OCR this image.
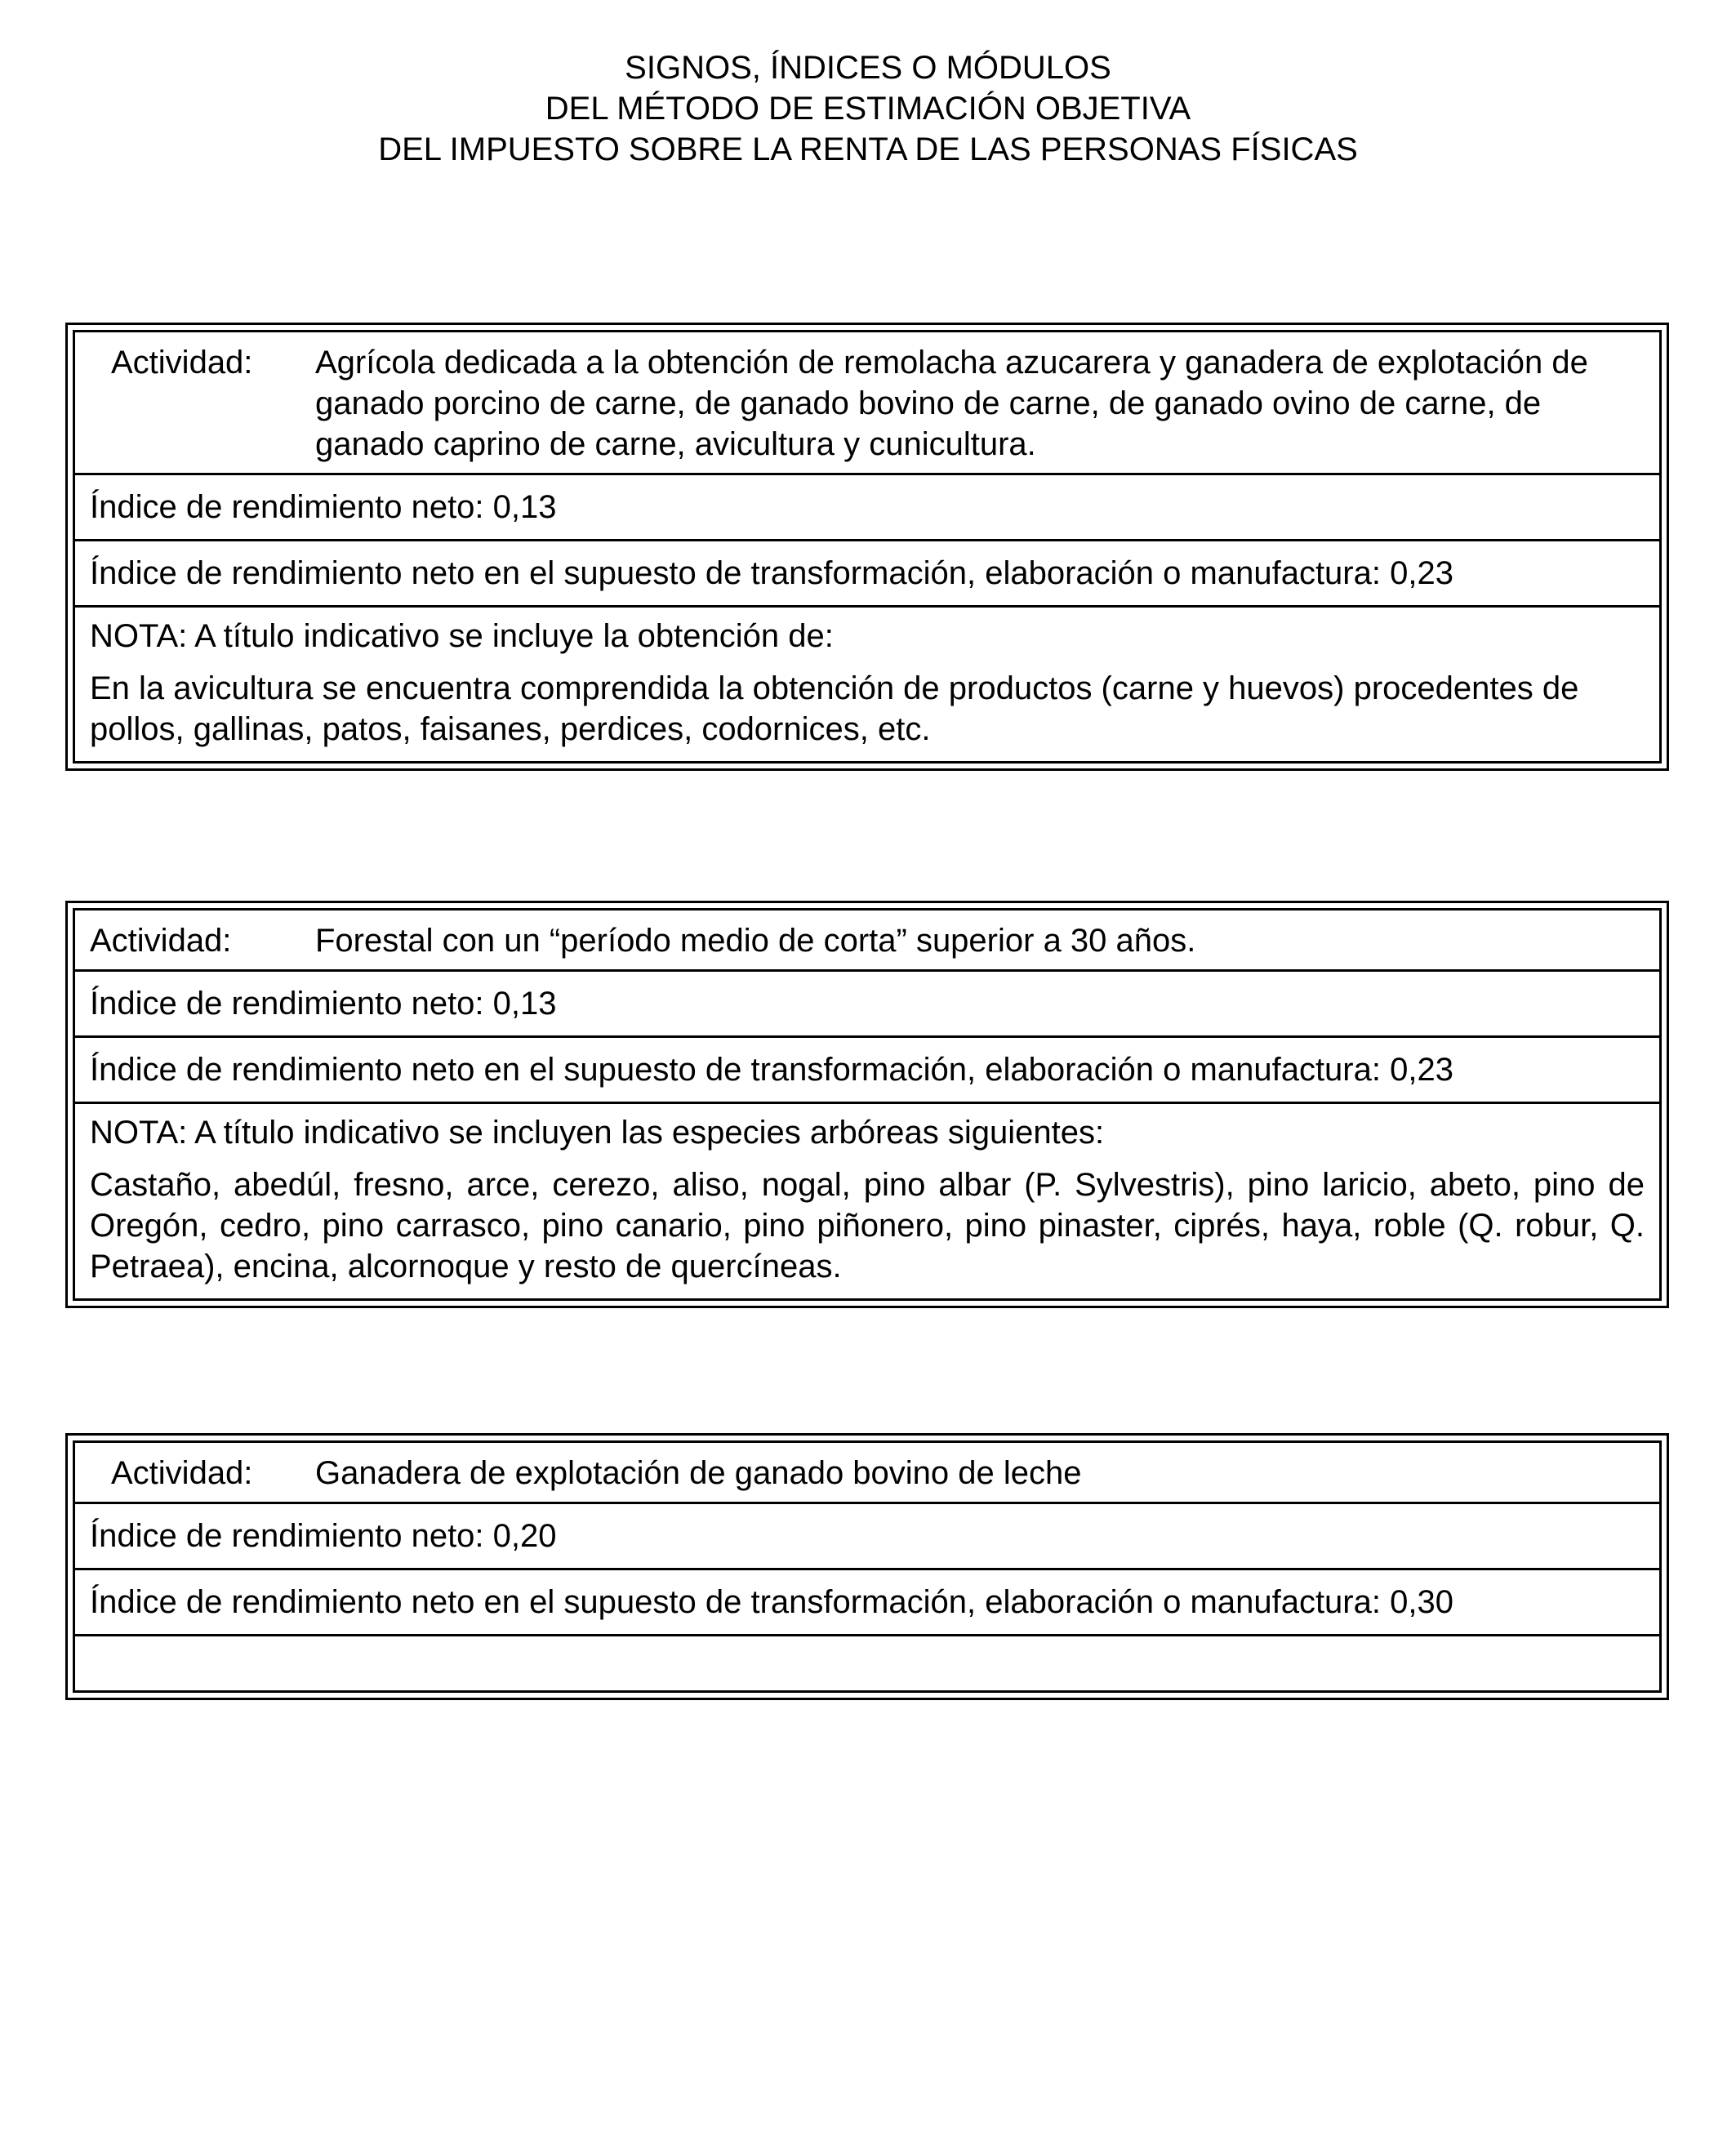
SIGNOS, ÍNDICES O MÓDULOS
DEL MÉTODO DE ESTIMACIÓN OBJETIVA
DEL IMPUESTO SOBRE LA RENTA DE LAS PERSONAS FÍSICAS
Actividad:	Agrícola dedicada a la obtención de remolacha azucarera y ganadera de explotación de ganado porcino de carne, de ganado bovino de carne, de ganado ovino de carne, de ganado caprino de carne, avicultura y cunicultura.
Índice de rendimiento neto: 0,13
Índice de rendimiento neto en el supuesto de transformación, elaboración o manufactura: 0,23
NOTA: A título indicativo se incluye la obtención de:
En la avicultura se encuentra comprendida la obtención de productos (carne y huevos) procedentes de pollos, gallinas, patos, faisanes, perdices, codornices, etc.
Actividad:	Forestal con un “período medio de corta” superior a 30 años.
Índice de rendimiento neto: 0,13
Índice de rendimiento neto en el supuesto de transformación, elaboración o manufactura: 0,23
NOTA: A título indicativo se incluyen las especies arbóreas siguientes:
Castaño, abedúl, fresno, arce, cerezo, aliso, nogal, pino albar (P. Sylvestris), pino laricio, abeto, pino de Oregón, cedro, pino carrasco, pino canario, pino piñonero, pino pinaster, ciprés, haya, roble (Q. robur, Q. Petraea), encina, alcornoque y resto de quercíneas.
Actividad:	Ganadera de explotación de ganado bovino de leche
Índice de rendimiento neto: 0,20
Índice de rendimiento neto en el supuesto de transformación, elaboración o manufactura: 0,30
